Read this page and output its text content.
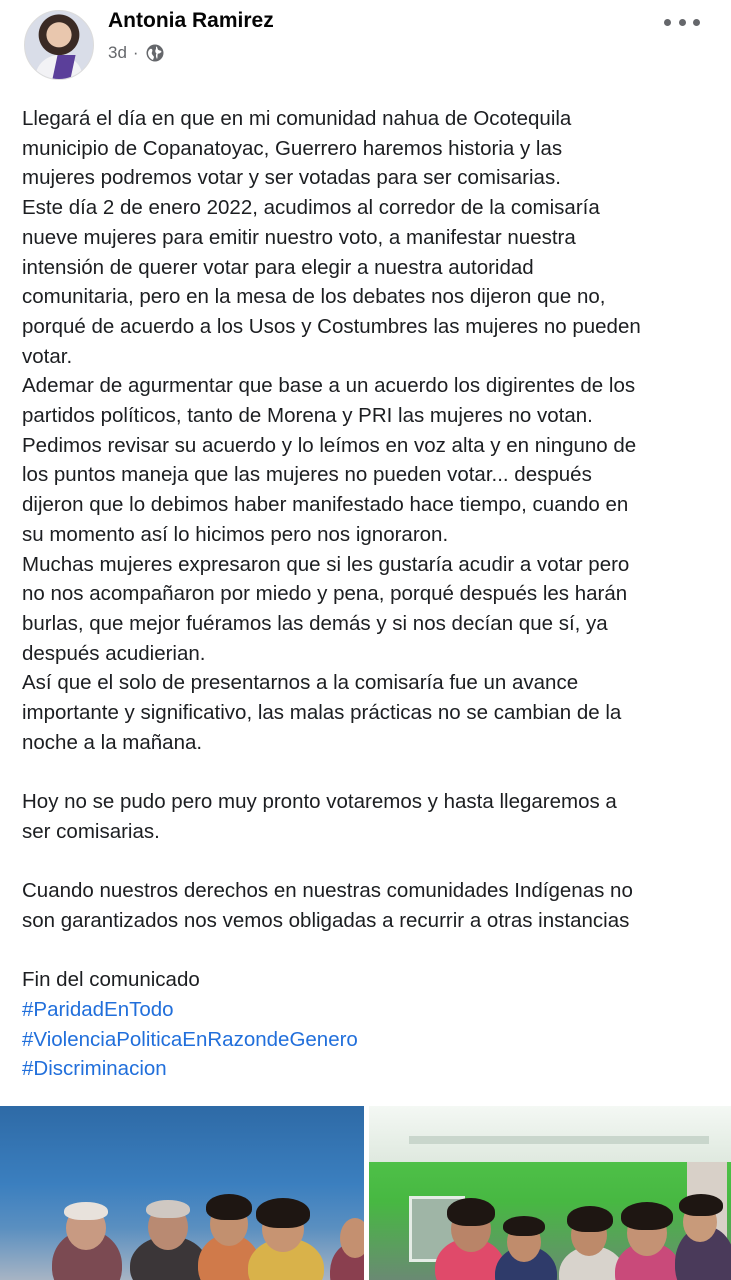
Antonia Ramirez
3d ·
Llegará el día en que en mi comunidad nahua de Ocotequila
municipio de Copanatoyac, Guerrero haremos historia y las
mujeres podremos votar y ser votadas para ser comisarias.
Este día 2 de enero 2022, acudimos al corredor de la comisaría
nueve mujeres para emitir nuestro voto, a manifestar nuestra
intensión de querer votar para elegir a nuestra autoridad
comunitaria, pero en la mesa de los debates nos dijeron que no,
porqué de acuerdo a los Usos y Costumbres las mujeres no pueden
votar.
Ademar de agurmentar que base a un acuerdo los digirentes de los
partidos políticos, tanto de Morena y PRI las mujeres no votan.
Pedimos revisar su acuerdo y lo leímos en voz alta y en ninguno de
los puntos maneja que las mujeres no pueden votar... después
dijeron que lo debimos haber manifestado hace tiempo, cuando en
su momento así lo hicimos pero nos ignoraron.
Muchas mujeres expresaron que si les gustaría acudir a votar pero
no nos acompañaron por miedo y pena, porqué después les harán
burlas, que mejor fuéramos las demás y si nos decían que sí, ya
después acudierian.
Así que el solo de presentarnos a la comisaría fue un avance
importante y significativo, las malas prácticas no se cambian de la
noche a la mañana.
Hoy no se pudo pero muy pronto votaremos y hasta llegaremos a
ser comisarias.
Cuando nuestros derechos en nuestras comunidades Indígenas no
son garantizados nos vemos obligadas a recurrir a otras instancias
Fin del comunicado
#ParidadEnTodo
#ViolenciaPoliticaEnRazondeGenero
#Discriminacion
